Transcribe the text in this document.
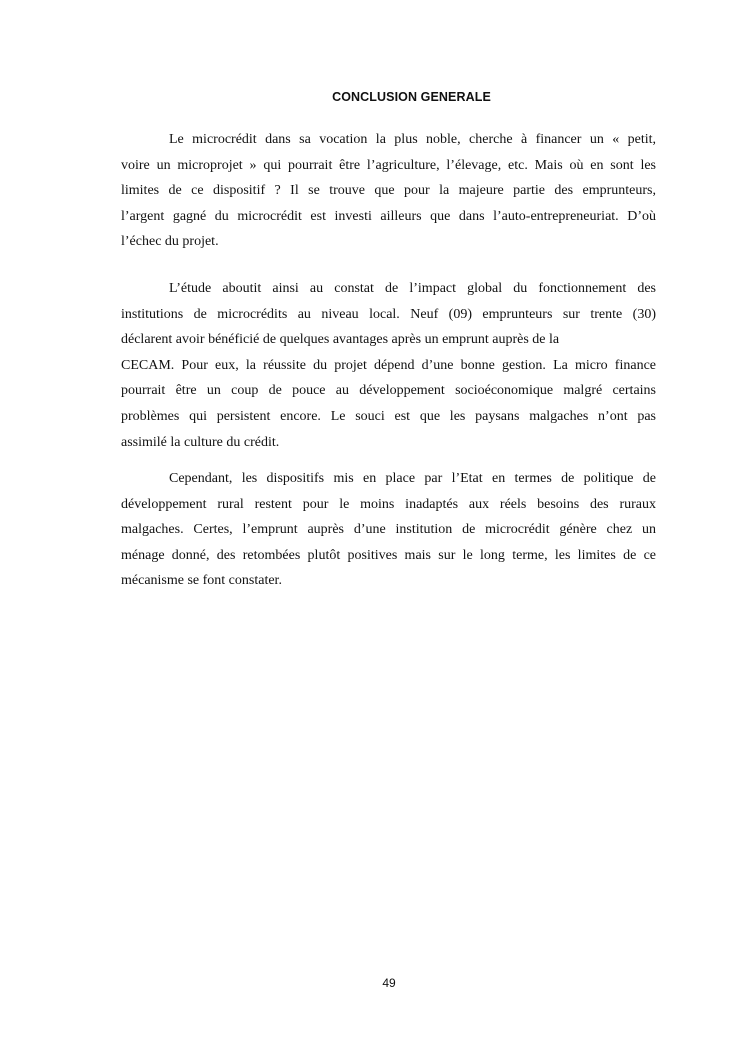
CONCLUSION GENERALE
Le microcrédit dans sa vocation la plus noble, cherche à financer un « petit,
voire un microprojet » qui pourrait être l’agriculture, l’élevage, etc. Mais où en sont les
limites de ce dispositif ? Il se trouve que pour la majeure partie des emprunteurs,
l’argent gagné du microcrédit est investi ailleurs que dans l’auto-entrepreneuriat. D’où
l’échec du projet.
L’étude aboutit ainsi au constat de l’impact global du fonctionnement des
institutions de microcrédits au niveau local. Neuf (09) emprunteurs sur trente (30)
déclarent avoir bénéficié de quelques avantages après un emprunt auprès de la
CECAM. Pour eux, la réussite du projet dépend d’une bonne gestion. La micro finance
pourrait être un coup de pouce au développement socioéconomique malgré certains
problèmes qui persistent encore. Le souci est que les paysans malgaches n’ont pas
assimilé la culture du crédit.
Cependant, les dispositifs mis en place par l’Etat en termes de politique de
développement rural restent pour le moins inadaptés aux réels besoins des ruraux
malgaches. Certes, l’emprunt auprès d’une institution de microcrédit génère chez un
ménage donné, des retombées plutôt positives mais sur le long terme, les limites de ce
mécanisme se font constater.
49
